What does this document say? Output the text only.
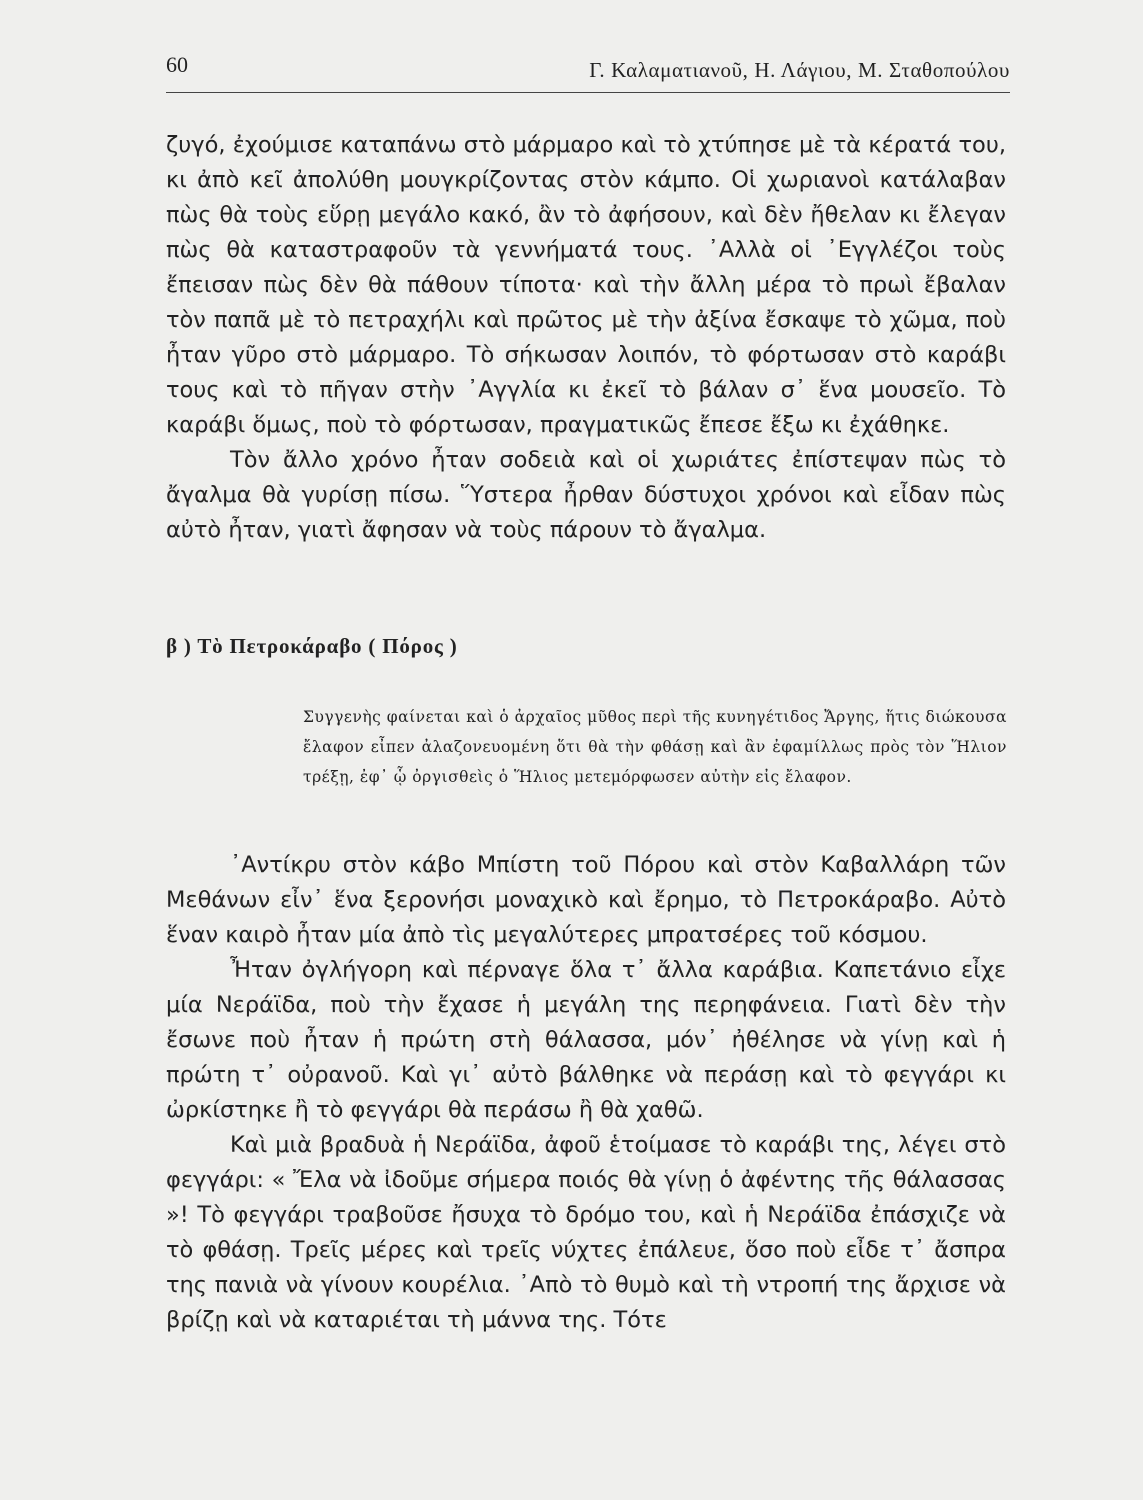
60	Γ. Καλαματιανοῦ, Η. Λάγιου, Μ. Σταθοπούλου

ζυγό, ἐχούμισε καταπάνω στὸ μάρμαρο καὶ τὸ χτύπησε μὲ τὰ κέρατά του, κι ἀπὸ κεῖ ἀπολύθη μουγκρίζοντας στὸν κάμπο. Οἱ χωριανοὶ κατάλαβαν πὼς θὰ τοὺς εὕρῃ μεγάλο κακό, ἂν τὸ ἀφήσουν, καὶ δὲν ἤθελαν κι ἔλεγαν πὼς θὰ καταστραφοῦν τὰ γεννήματά τους. ᾿Αλλὰ οἱ ᾿Εγγλέζοι τοὺς ἔπεισαν πὼς δὲν θὰ πάθουν τίποτα· καὶ τὴν ἄλλη μέρα τὸ πρωὶ ἔβαλαν τὸν παπᾶ μὲ τὸ πετραχήλι καὶ πρῶτος μὲ τὴν ἀξίνα ἔσκαψε τὸ χῶμα, ποὺ ἦταν γῦρο στὸ μάρμαρο. Τὸ σήκωσαν λοιπόν, τὸ φόρτωσαν στὸ καράβι τους καὶ τὸ πῆγαν στὴν ᾿Αγγλία κι ἐκεῖ τὸ βάλαν σ᾿ ἕνα μουσεῖο. Τὸ καράβι ὅμως, ποὺ τὸ φόρτωσαν, πραγματικῶς ἔπεσε ἔξω κι ἐχάθηκε.

Τὸν ἄλλο χρόνο ἦταν σοδειὰ καὶ οἱ χωριάτες ἐπίστεψαν πὼς τὸ ἄγαλμα θὰ γυρίσῃ πίσω. Ὕστερα ἦρθαν δύστυχοι χρόνοι καὶ εἶδαν πὼς αὐτὸ ἦταν, γιατὶ ἄφησαν νὰ τοὺς πάρουν τὸ ἄγαλμα.

β ) Τὸ Πετροκάραβο ( Πόρος )

Συγγενὴς φαίνεται καὶ ὁ ἀρχαῖος μῦθος περὶ τῆς κυνηγέτιδος Ἄργης, ἥτις διώκουσα ἔλαφον εἶπεν ἀλαζονευομένη ὅτι θὰ τὴν φθάσῃ καὶ ἂν ἐφαμίλλως πρὸς τὸν Ἥλιον τρέξῃ, ἐφ᾿ ᾧ ὀργισθεὶς ὁ Ἥλιος μετεμόρφωσεν αὐτὴν εἰς ἔλαφον.

᾿Αντίκρυ στὸν κάβο Μπίστη τοῦ Πόρου καὶ στὸν Καβαλλάρη τῶν Μεθάνων εἶν᾿ ἕνα ξερονήσι μοναχικὸ καὶ ἔρημο, τὸ Πετροκάραβο. Αὐτὸ ἕναν καιρὸ ἦταν μία ἀπὸ τὶς μεγαλύτερες μπρατσέρες τοῦ κόσμου.

Ἦταν ὀγλήγορη καὶ πέρναγε ὅλα τ᾿ ἄλλα καράβια. Καπετάνιο εἶχε μία Νεράϊδα, ποὺ τὴν ἔχασε ἡ μεγάλη της περηφάνεια. Γιατὶ δὲν τὴν ἔσωνε ποὺ ἦταν ἡ πρώτη στὴ θάλασσα, μόν᾿ ἠθέλησε νὰ γίνῃ καὶ ἡ πρώτη τ᾿ οὐρανοῦ. Καὶ γι᾿ αὐτὸ βάλθηκε νὰ περάσῃ καὶ τὸ φεγγάρι κι ὠρκίστηκε ἢ τὸ φεγγάρι θὰ περάσω ἢ θὰ χαθῶ.

Καὶ μιὰ βραδυὰ ἡ Νεράϊδα, ἀφοῦ ἑτοίμασε τὸ καράβι της, λέγει στὸ φεγγάρι: « Ἔλα νὰ ἰδοῦμε σήμερα ποιός θὰ γίνῃ ὁ ἀφέντης τῆς θάλασσας »! Τὸ φεγγάρι τραβοῦσε ἤσυχα τὸ δρόμο του, καὶ ἡ Νεράϊδα ἐπάσχιζε νὰ τὸ φθάσῃ. Τρεῖς μέρες καὶ τρεῖς νύχτες ἐπάλευε, ὅσο ποὺ εἶδε τ᾿ ἄσπρα της πανιὰ νὰ γίνουν κουρέλια. ᾿Απὸ τὸ θυμὸ καὶ τὴ ντροπή της ἄρχισε νὰ βρίζῃ καὶ νὰ καταριέται τὴ μάννα της. Τότε
